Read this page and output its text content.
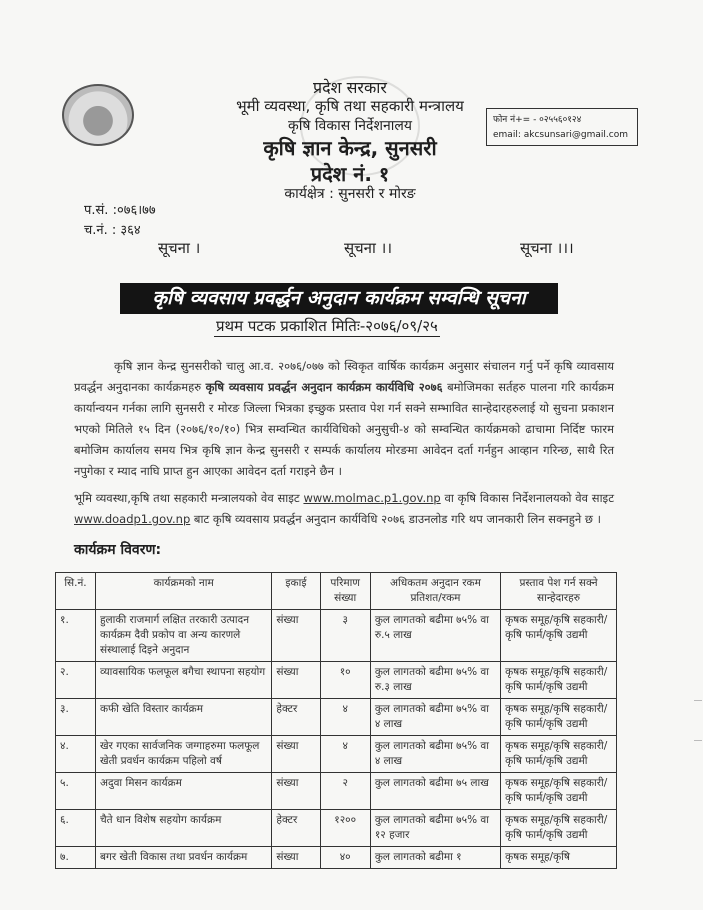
प्रदेश सरकार
भूमी व्यवस्था, कृषि तथा सहकारी मन्त्रालय
कृषि विकास निर्देशनालय
कृषि ज्ञान केन्द्र, सुनसरी
प्रदेश नं. १
कार्यक्षेत्र : सुनसरी र मोरङ
फोन नं+= - ०२५५६०१२४
email: akcsunsari@gmail.com
प.सं. :०७६।७७
च.नं. : ३६४
सूचना ।	सूचना ।।	सूचना ।।।
कृषि व्यवसाय प्रवर्द्धन अनुदान कार्यक्रम सम्वन्धि सूचना
प्रथम पटक प्रकाशित मितिः-२०७६/०९/२५
कृषि ज्ञान केन्द्र सुनसरीको चालु आ.व. २०७६/०७७ को स्विकृत वार्षिक कार्यक्रम अनुसार संचालन गर्नु पर्ने कृषि व्यावसाय प्रवर्द्धन अनुदानका कार्यक्रमहरु कृषि व्यवसाय प्रवर्द्धन अनुदान कार्यक्रम कार्यविधि २०७६ बमोजिमका सर्तहरु पालना गरि कार्यक्रम कार्यान्वयन गर्नका लागि सुनसरी र मोरङ जिल्ला भित्रका इच्छुक प्रस्ताव पेश गर्न सक्ने सम्भावित सान्हेदारहरुलाई यो सुचना प्रकाशन भएको मितिले १५ दिन (२०७६/१०/१०) भित्र सम्वन्धित कार्यविधिको अनुसुची-४ को सम्वन्धित कार्यक्रमको ढाचामा निर्दिष्ट फारम बमोजिम कार्यालय समय भित्र कृषि ज्ञान केन्द्र सुनसरी र सम्पर्क कार्यालय मोरङमा आवेदन दर्ता गर्नहुन आव्हान गरिन्छ, साथै रित नपुगेका र म्याद नाघि प्राप्त हुन आएका आवेदन दर्ता गराइने छैन ।
भूमि व्यवस्था,कृषि तथा सहकारी मन्त्रालयको वेव साइट www.molmac.p1.gov.np वा कृषि विकास निर्देशनालयको वेव साइट www.doadp1.gov.np बाट कृषि व्यवसाय प्रवर्द्धन अनुदान कार्यविधि २०७६ डाउनलोड गरि थप जानकारी लिन सक्नहुने छ ।
कार्यक्रम विवरण:
सि.नं.	कार्यक्रमको नाम	इकाई	परिमाण संख्या	अधिकतम अनुदान रकम प्रतिशत/रकम	प्रस्ताव पेश गर्न सक्ने सान्हेदारहरु
१.	हुलाकी राजमार्ग लक्षित तरकारी उत्पादन कार्यक्रम दैवी प्रकोप वा अन्य कारणले संस्थालाई दिइने अनुदान	संख्या	३	कुल लागतको बढीमा ७५% वा रु.५ लाख	कृषक समूह/कृषि सहकारी/कृषि फार्म/कृषि उद्यमी
२.	व्यावसायिक फलफूल बगैचा स्थापना सहयोग	संख्या	१०	कुल लागतको बढीमा ७५% वा रु.३ लाख	कृषक समूह/कृषि सहकारी/कृषि फार्म/कृषि उद्यमी
३.	कफी खेति विस्तार कार्यक्रम	हेक्टर	४	कुल लागतको बढीमा ७५% वा ४ लाख	कृषक समूह/कृषि सहकारी/कृषि फार्म/कृषि उद्यमी
४.	खेर गएका सार्वजनिक जग्गाहरुमा फलफूल खेती प्रवर्धन कार्यक्रम पहिलो वर्ष	संख्या	४	कुल लागतको बढीमा ७५% वा ४ लाख	कृषक समूह/कृषि सहकारी/कृषि फार्म/कृषि उद्यमी
५.	अदुवा मिसन कार्यक्रम	संख्या	२	कुल लागतको बढीमा ७५ लाख	कृषक समूह/कृषि सहकारी/कृषि फार्म/कृषि उद्यमी
६.	चैते धान विशेष सहयोग कार्यक्रम	हेक्टर	१२००	कुल लागतको बढीमा ७५% वा १२ हजार	कृषक समूह/कृषि सहकारी/कृषि फार्म/कृषि उद्यमी
७.	बगर खेती विकास तथा प्रवर्धन कार्यक्रम	संख्या	४०	कुल लागतको बढीमा १	कृषक समूह/कृषि
